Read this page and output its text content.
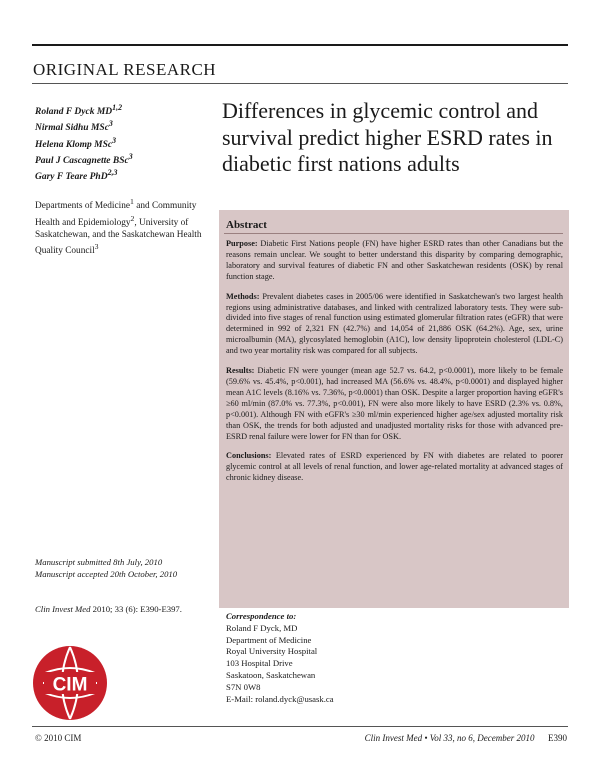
ORIGINAL RESEARCH
Roland F Dyck MD$^{1,2}$
Nirmal Sidhu MSc$^3$
Helena Klomp MSc$^3$
Paul J Cascagnette BSc$^3$
Gary F Teare PhD$^{2,3}$
Departments of Medicine$^1$ and Community Health and Epidemiology$^2$, University of Saskatchewan, and the Saskatchewan Health Quality Council$^3$
Differences in glycemic control and survival predict higher ESRD rates in diabetic first nations adults
Abstract

Purpose: Diabetic First Nations people (FN) have higher ESRD rates than other Canadians but the reasons remain unclear. We sought to better understand this disparity by comparing demographic, laboratory and survival features of diabetic FN and other Saskatchewan residents (OSK) by renal function stage.

Methods: Prevalent diabetes cases in 2005/06 were identified in Saskatchewan's two largest health regions using administrative databases, and linked with centralized laboratory tests. They were sub-divided into five stages of renal function using estimated glomerular filtration rates (eGFR) that were determined in 992 of 2,321 FN (42.7%) and 14,054 of 21,886 OSK (64.2%). Age, sex, urine microalbumin (MA), glycosylated hemoglobin (A1C), low density lipoprotein cholesterol (LDL-C) and two year mortality risk was compared for all subjects.

Results: Diabetic FN were younger (mean age 52.7 vs. 64.2, p<0.0001), more likely to be female (59.6% vs. 45.4%, p<0.001), had increased MA (56.6% vs. 48.4%, p<0.0001) and displayed higher mean A1C levels (8.16% vs. 7.36%, p<0.0001) than OSK. Despite a larger proportion having eGFR's ≥60 ml/min (87.0% vs. 77.3%, p<0.001), FN were also more likely to have ESRD (2.3% vs. 0.8%, p<0.001). Although FN with eGFR's ≥30 ml/min experienced higher age/sex adjusted mortality risk than OSK, the trends for both adjusted and unadjusted mortality risks for those with advanced pre-ESRD renal failure were lower for FN than for OSK.

Conclusions: Elevated rates of ESRD experienced by FN with diabetes are related to poorer glycemic control at all levels of renal function, and lower age-related mortality at advanced stages of chronic kidney disease.

Manuscript submitted 8th July, 2010
Manuscript accepted 20th October, 2010
Clin Invest Med 2010; 33 (6): E390-E397.
CIM
Correspondence to:
Roland F Dyck, MD
Department of Medicine
Royal University Hospital
103 Hospital Drive
Saskatoon, Saskatchewan
S7N 0W8
E-Mail: roland.dyck@usask.ca
© 2010 CIM	Clin Invest Med • Vol 33, no 6, December 2010 E390
